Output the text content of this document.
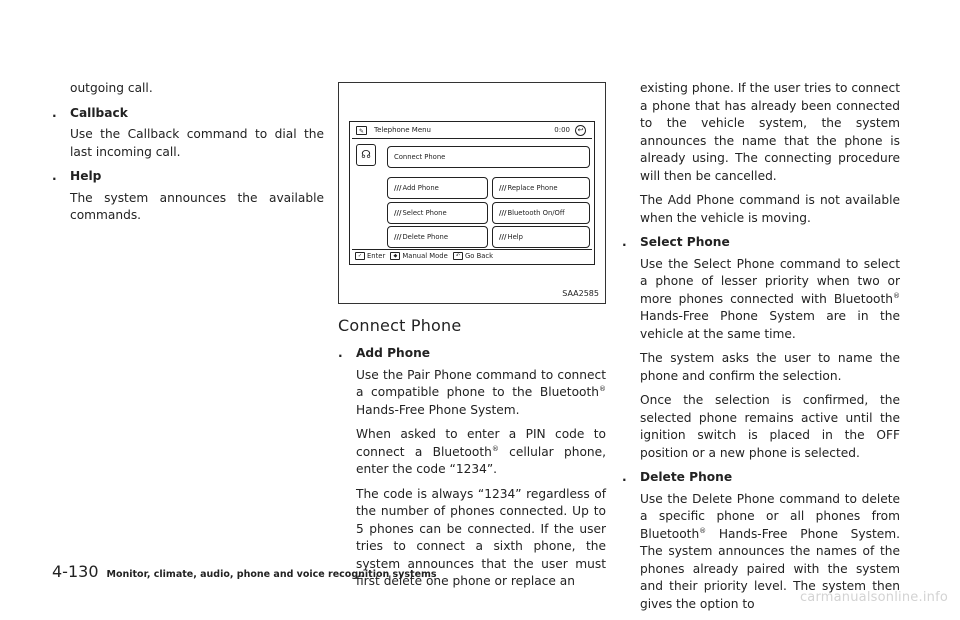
outgoing call.

. Callback

Use the Callback command to dial the last incoming call.

. Help

The system announces the available commands.

✎	Telephone Menu	0:00	↩
☊	Connect Phone
///Add Phone	///Replace Phone
///Select Phone	///Bluetooth On/Off
///Delete Phone	///Help
✓ Enter ◆ Manual Mode ↶ Go Back
SAA2585
Connect Phone
. Add Phone

Use the Pair Phone command to connect a compatible phone to the Bluetooth® Hands-Free Phone System.

When asked to enter a PIN code to connect a Bluetooth® cellular phone, enter the code “1234”.

The code is always “1234” regardless of the number of phones connected. Up to 5 phones can be connected. If the user tries to connect a sixth phone, the system announces that the user must first delete one phone or replace an

existing phone. If the user tries to connect a phone that has already been connected to the vehicle system, the system announces the name that the phone is already using. The connecting procedure will then be cancelled.

The Add Phone command is not available when the vehicle is moving.

. Select Phone

Use the Select Phone command to select a phone of lesser priority when two or more phones connected with Bluetooth® Hands-Free Phone System are in the vehicle at the same time.

The system asks the user to name the phone and confirm the selection.

Once the selection is confirmed, the selected phone remains active until the ignition switch is placed in the OFF position or a new phone is selected.

. Delete Phone

Use the Delete Phone command to delete a specific phone or all phones from Bluetooth® Hands-Free Phone System. The system announces the names of the phones already paired with the system and their priority level. The system then gives the option to

4-130 Monitor, climate, audio, phone and voice recognition systems
carmanualsonline.info
